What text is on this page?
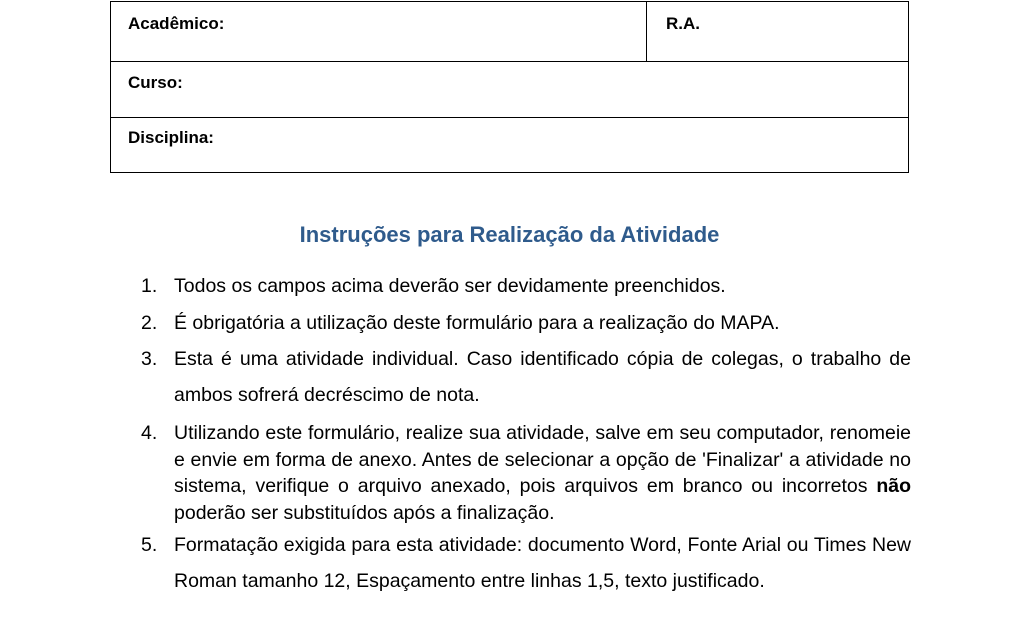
Acadêmico:	R.A.
Curso:
Disciplina:
Instruções para Realização da Atividade
1. Todos os campos acima deverão ser devidamente preenchidos.
2. É obrigatória a utilização deste formulário para a realização do MAPA.
3. Esta é uma atividade individual. Caso identificado cópia de colegas, o trabalho de ambos sofrerá decréscimo de nota.
4. Utilizando este formulário, realize sua atividade, salve em seu computador, renomeie e envie em forma de anexo. Antes de selecionar a opção de 'Finalizar' a atividade no sistema, verifique o arquivo anexado, pois arquivos em branco ou incorretos não poderão ser substituídos após a finalização.
5. Formatação exigida para esta atividade: documento Word, Fonte Arial ou Times New Roman tamanho 12, Espaçamento entre linhas 1,5, texto justificado.
